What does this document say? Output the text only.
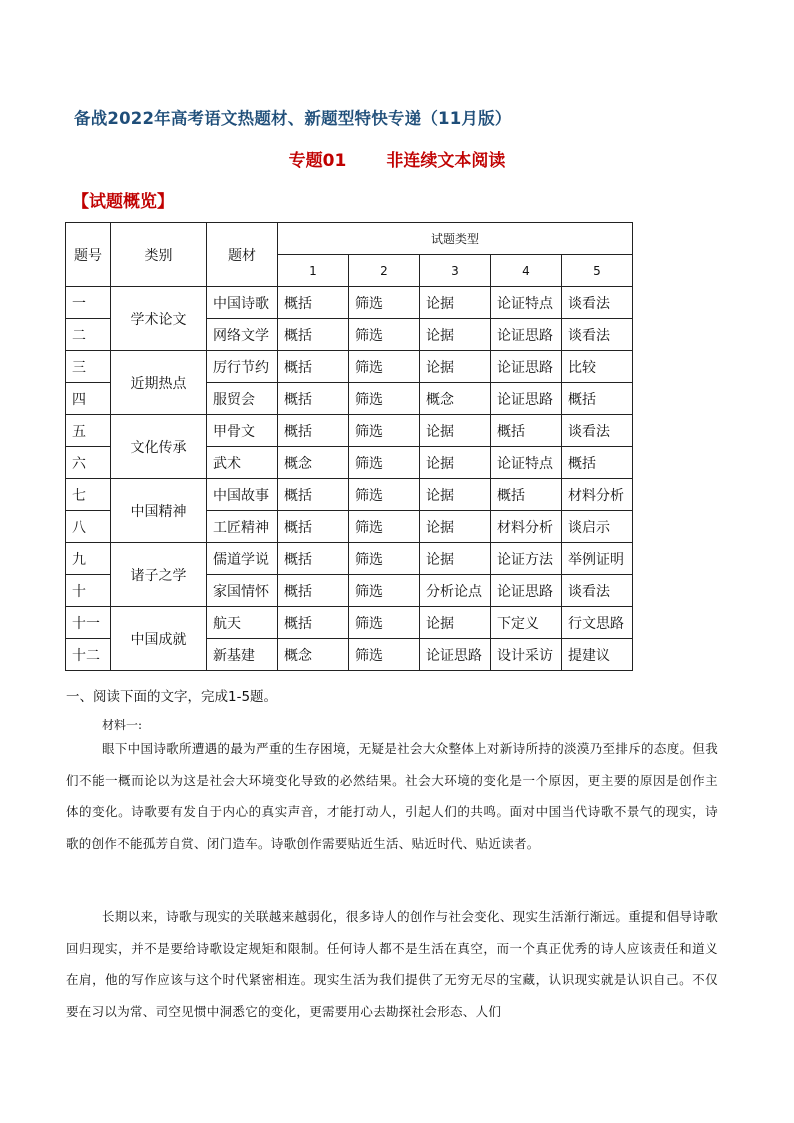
备战2022年高考语文热题材、新题型特快专递（11月版）
专题01 非连续文本阅读
【试题概览】
题号	类别	题材	试题类型				
			1	2	3	4	5
一	学术论文	中国诗歌	概括	筛选	论据	论证特点	谈看法
二		网络文学	概括	筛选	论据	论证思路	谈看法
三	近期热点	厉行节约	概括	筛选	论据	论证思路	比较
四		服贸会	概括	筛选	概念	论证思路	概括
五	文化传承	甲骨文	概括	筛选	论据	概括	谈看法
六		武术	概念	筛选	论据	论证特点	概括
七	中国精神	中国故事	概括	筛选	论据	概括	材料分析
八		工匠精神	概括	筛选	论据	材料分析	谈启示
九	诸子之学	儒道学说	概括	筛选	论据	论证方法	举例证明
十		家国情怀	概括	筛选	分析论点	论证思路	谈看法
十一	中国成就	航天	概括	筛选	论据	下定义	行文思路
十二		新基建	概念	筛选	论证思路	设计采访	提建议
一、阅读下面的文字，完成1-5题。
材料一:
眼下中国诗歌所遭遇的最为严重的生存困境，无疑是社会大众整体上对新诗所持的淡漠乃至排斥的态度。但我们不能一概而论以为这是社会大环境变化导致的必然结果。社会大环境的变化是一个原因，更主要的原因是创作主体的变化。诗歌要有发自于内心的真实声音，才能打动人，引起人们的共鸣。面对中国当代诗歌不景气的现实，诗歌的创作不能孤芳自赏、闭门造车。诗歌创作需要贴近生活、贴近时代、贴近读者。
长期以来，诗歌与现实的关联越来越弱化，很多诗人的创作与社会变化、现实生活渐行渐远。重提和倡导诗歌回归现实，并不是要给诗歌设定规矩和限制。任何诗人都不是生活在真空，而一个真正优秀的诗人应该责任和道义在肩，他的写作应该与这个时代紧密相连。现实生活为我们提供了无穷无尽的宝藏，认识现实就是认识自己。不仅要在习以为常、司空见惯中洞悉它的变化，更需要用心去勘探社会形态、人们
